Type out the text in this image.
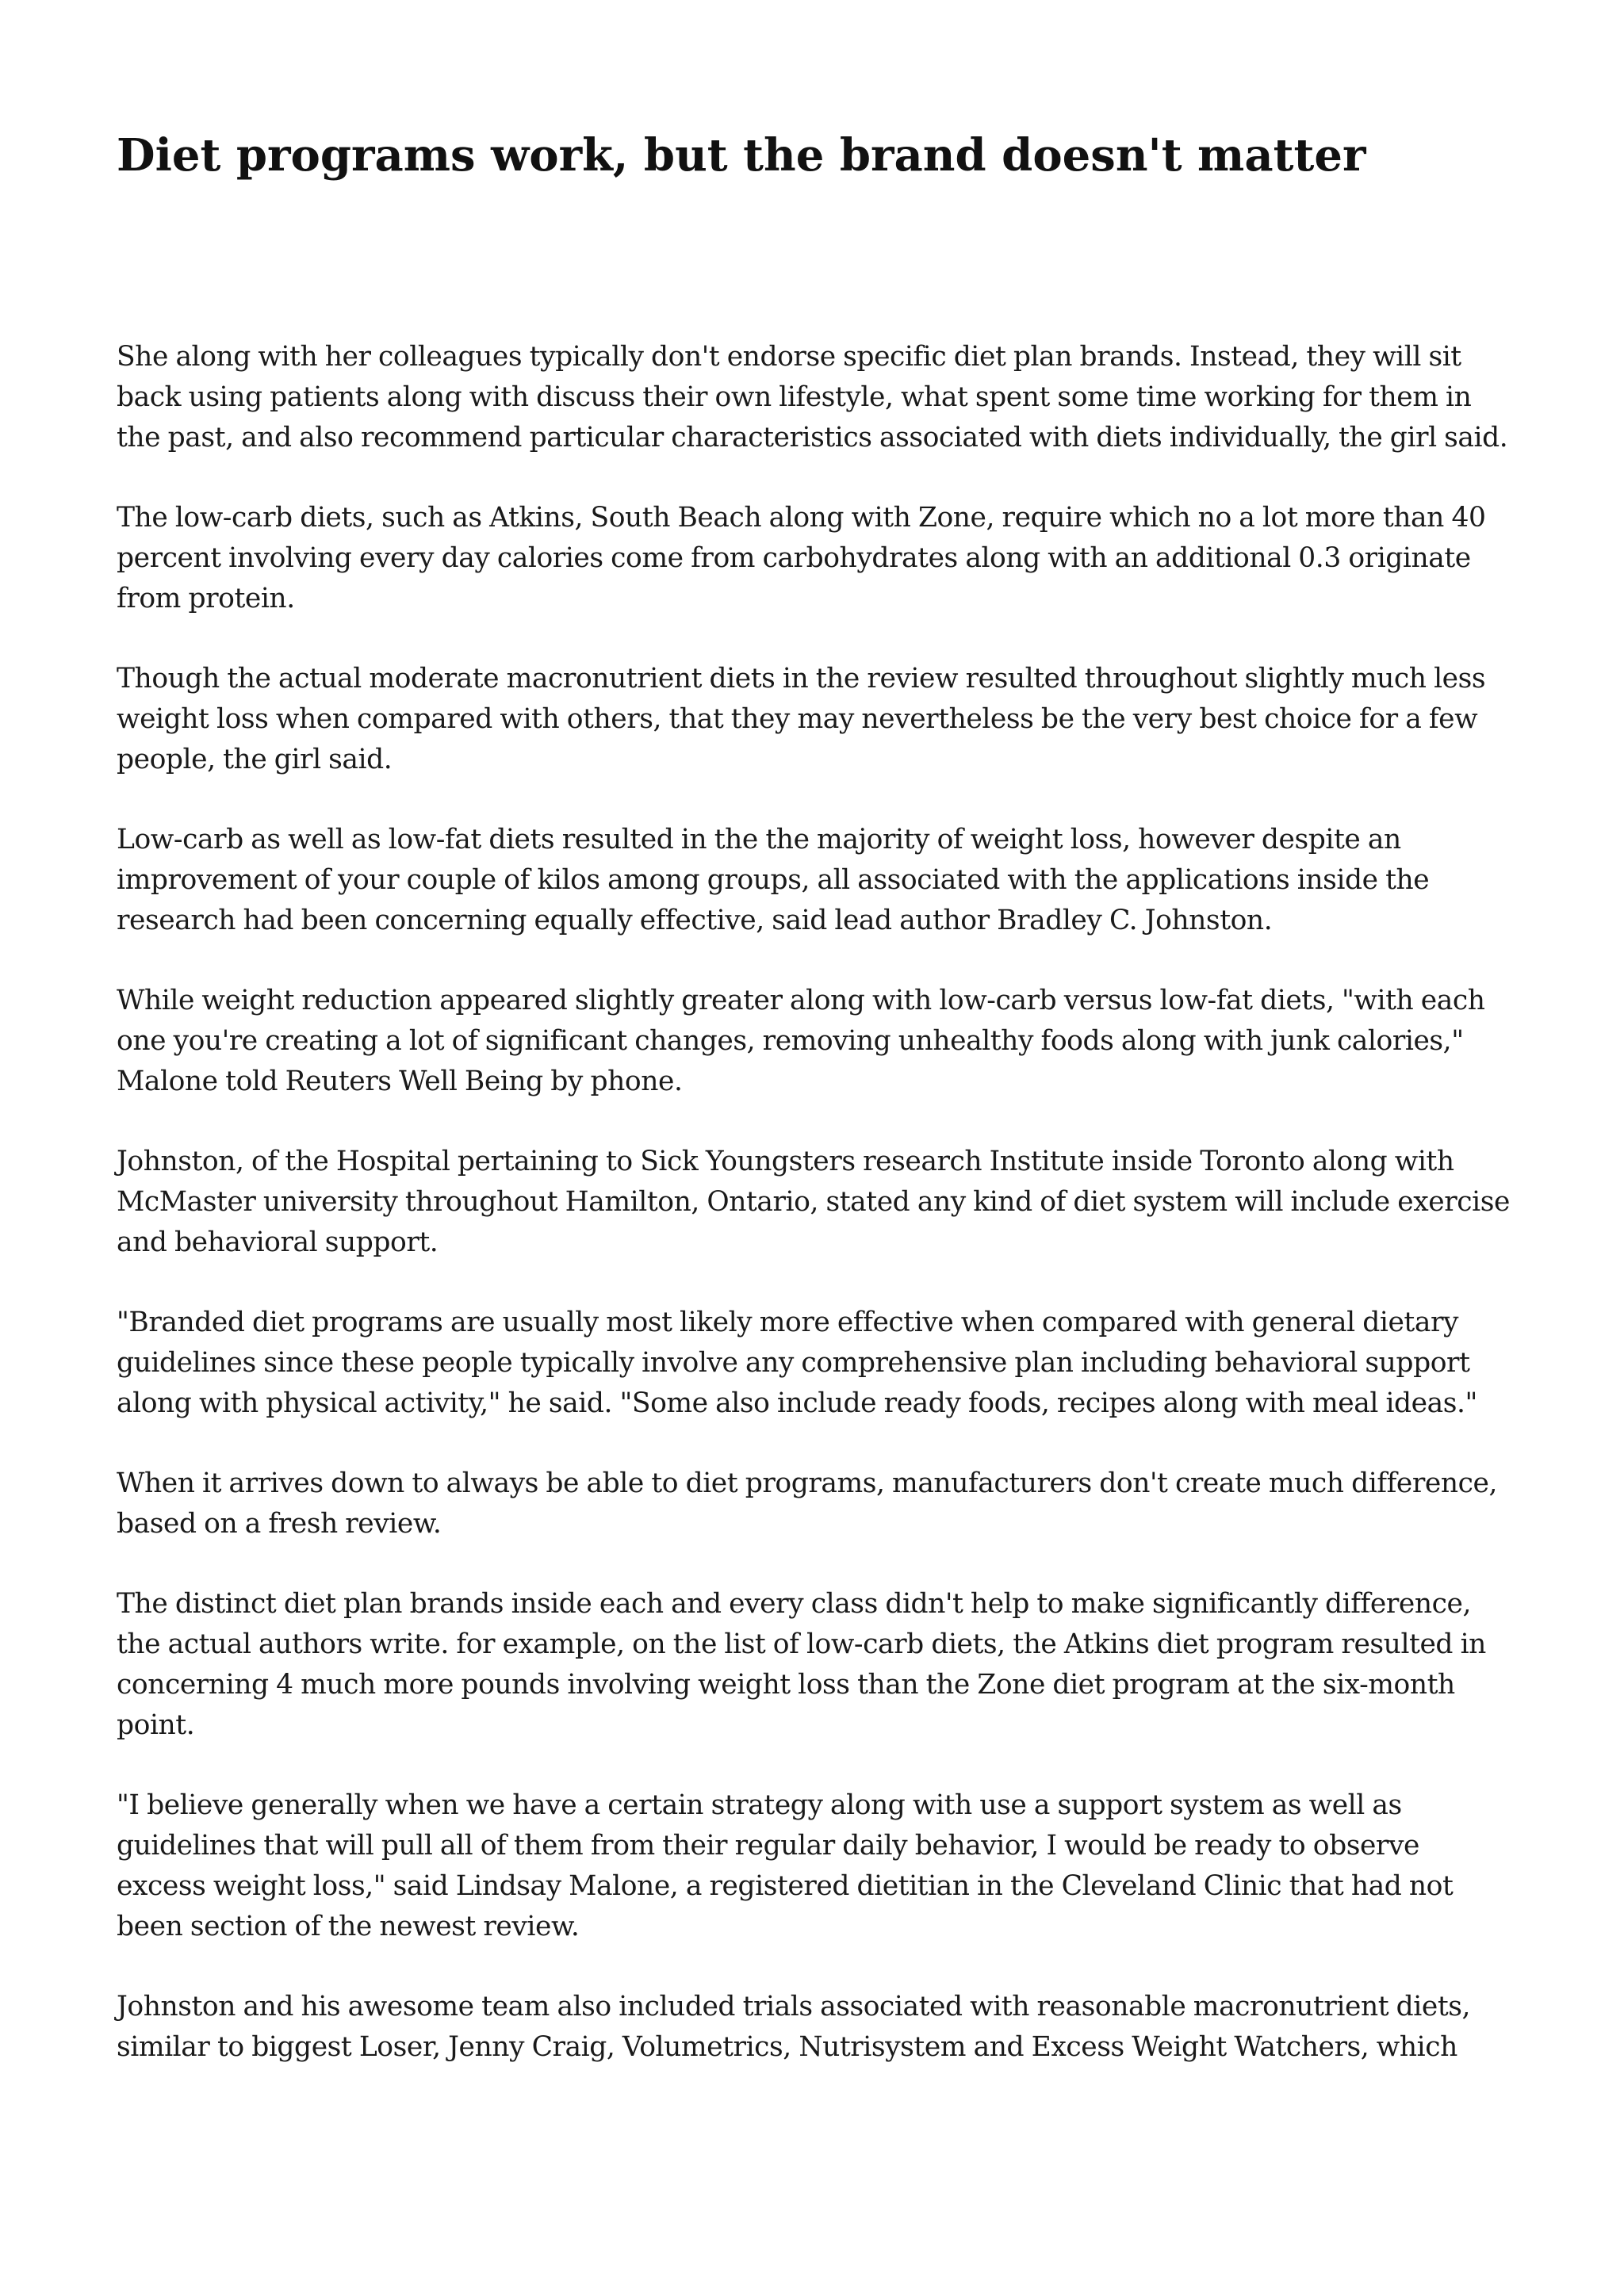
Diet programs work, but the brand doesn't matter

She along with her colleagues typically don't endorse specific diet plan brands. Instead, they will sit back using patients along with discuss their own lifestyle, what spent some time working for them in the past, and also recommend particular characteristics associated with diets individually, the girl said.

The low-carb diets, such as Atkins, South Beach along with Zone, require which no a lot more than 40 percent involving every day calories come from carbohydrates along with an additional 0.3 originate from protein.

Though the actual moderate macronutrient diets in the review resulted throughout slightly much less weight loss when compared with others, that they may nevertheless be the very best choice for a few people, the girl said.

Low-carb as well as low-fat diets resulted in the the majority of weight loss, however despite an improvement of your couple of kilos among groups, all associated with the applications inside the research had been concerning equally effective, said lead author Bradley C. Johnston.

While weight reduction appeared slightly greater along with low-carb versus low-fat diets, "with each one you're creating a lot of significant changes, removing unhealthy foods along with junk calories," Malone told Reuters Well Being by phone.

Johnston, of the Hospital pertaining to Sick Youngsters research Institute inside Toronto along with McMaster university throughout Hamilton, Ontario, stated any kind of diet system will include exercise and behavioral support.

"Branded diet programs are usually most likely more effective when compared with general dietary guidelines since these people typically involve any comprehensive plan including behavioral support along with physical activity," he said. "Some also include ready foods, recipes along with meal ideas."

When it arrives down to always be able to diet programs, manufacturers don't create much difference, based on a fresh review.

The distinct diet plan brands inside each and every class didn't help to make significantly difference, the actual authors write. for example, on the list of low-carb diets, the Atkins diet program resulted in concerning 4 much more pounds involving weight loss than the Zone diet program at the six-month point.

"I believe generally when we have a certain strategy along with use a support system as well as guidelines that will pull all of them from their regular daily behavior, I would be ready to observe excess weight loss," said Lindsay Malone, a registered dietitian in the Cleveland Clinic that had not been section of the newest review.

Johnston and his awesome team also included trials associated with reasonable macronutrient diets, similar to biggest Loser, Jenny Craig, Volumetrics, Nutrisystem and Excess Weight Watchers, which
